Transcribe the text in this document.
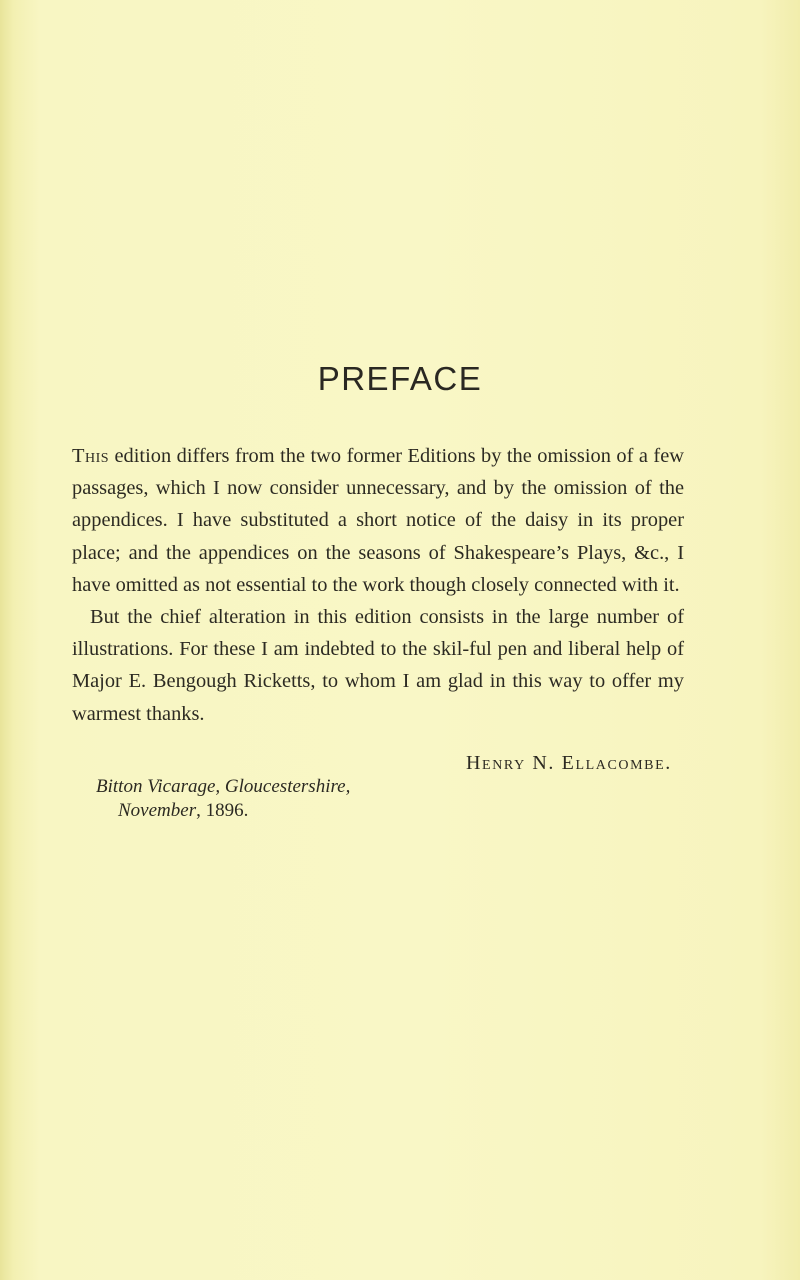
PREFACE

This edition differs from the two former Editions by the omission of a few passages, which I now consider unnecessary, and by the omission of the appendices. I have substituted a short notice of the daisy in its proper place; and the appendices on the seasons of Shakespeare’s Plays, &c., I have omitted as not essential to the work though closely connected with it.

But the chief alteration in this edition consists in the large number of illustrations. For these I am indebted to the skil-ful pen and liberal help of Major E. Bengough Ricketts, to whom I am glad in this way to offer my warmest thanks.

Henry N. Ellacombe.
Bitton Vicarage, Gloucestershire,
November, 1896.
